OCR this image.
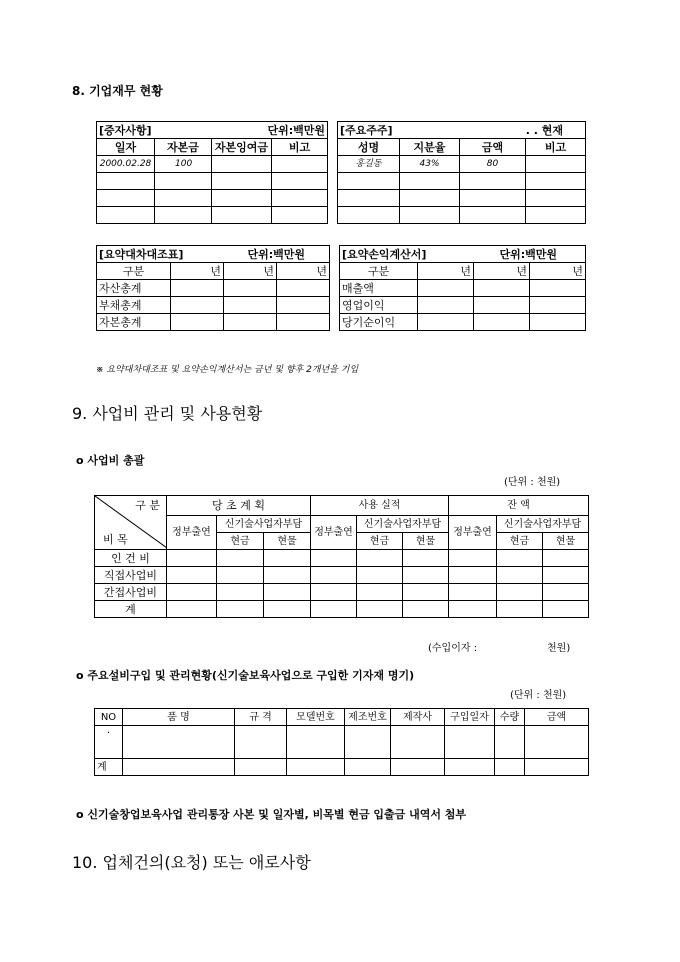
8. 기업재무 현황
[증자사항] 단위:백만원			

일자	자본금	자본잉여금	비고
2000.02.28	100		

[주요주주] . . 현재			

성명	지분율	금액	비고
홍길동	43%	80	

[요약대차대조표] 단위:백만원			

구분	년	년	년
자산총계			
부채총계			
자본총계			
[요약손익계산서] 단위:백만원			

구분	년	년	년
매출액			
영업이익			
당기순이익			
※ 요약대차대조표 및 요약손익계산서는 금년 및 향후 2개년을 기입
9. 사업비 관리 및 사용현황
ο 사업비 총괄
(단위 : 천원)
구 분
비 목	당 초 계 획			사용 실적			잔 액		
	정부출연	신기술사업자부담		정부출연	신기술사업자부담		정부출연	신기술사업자부담	
		현금	현물		현금	현물		현금	현물
인 건 비									
직접사업비									
간접사업비									
계									
(수입이자 :	천원)
ο 주요설비구입 및 관리현황(신기술보육사업으로 구입한 기자재 명기)
(단위 : 천원)
NO	품 명	규 격	모델번호	제조번호	제작사	구입일자	수량	금액
·								
계								
ο 신기술창업보육사업 관리통장 사본 및 일자별, 비목별 현금 입출금 내역서 첨부
10. 업체건의(요청) 또는 애로사항
